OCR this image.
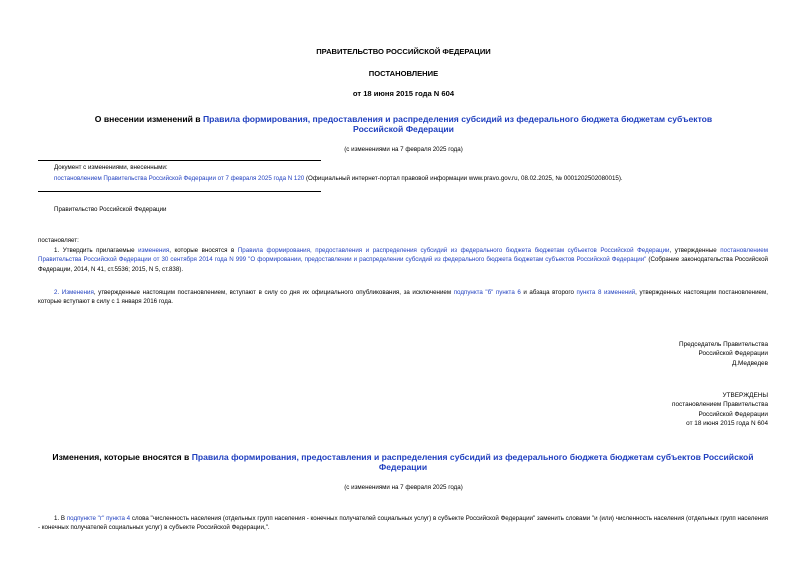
ПРАВИТЕЛЬСТВО РОССИЙСКОЙ ФЕДЕРАЦИИ
ПОСТАНОВЛЕНИЕ
от 18 июня 2015 года N 604
О внесении изменений в Правила формирования, предоставления и распределения субсидий из федерального бюджета бюджетам субъектов Российской Федерации
(с изменениями на 7 февраля 2025 года)
Документ с изменениями, внесенными:
постановлением Правительства Российской Федерации от 7 февраля 2025 года N 120 (Официальный интернет-портал правовой информации www.pravo.gov.ru, 08.02.2025, № 0001202502080015).
Правительство Российской Федерации
постановляет:
1. Утвердить прилагаемые изменения, которые вносятся в Правила формирования, предоставления и распределения субсидий из федерального бюджета бюджетам субъектов Российской Федерации, утвержденные постановлением Правительства Российской Федерации от 30 сентября 2014 года N 999 "О формировании, предоставлении и распределении субсидий из федерального бюджета бюджетам субъектов Российской Федерации" (Собрание законодательства Российской Федерации, 2014, N 41, ст.5536; 2015, N 5, ст.838).
2. Изменения, утвержденные настоящим постановлением, вступают в силу со дня их официального опубликования, за исключением подпункта "б" пункта 6 и абзаца второго пункта 8 изменений, утвержденных настоящим постановлением, которые вступают в силу с 1 января 2016 года.
Председатель Правительства
Российской Федерации
Д.Медведев
УТВЕРЖДЕНЫ
постановлением Правительства
Российской Федерации
от 18 июня 2015 года N 604
Изменения, которые вносятся в Правила формирования, предоставления и распределения субсидий из федерального бюджета бюджетам субъектов Российской Федерации
(с изменениями на 7 февраля 2025 года)
1. В подпункте "г" пункта 4 слова "численность населения (отдельных групп населения - конечных получателей социальных услуг) в субъекте Российской Федерации" заменить словами "и (или) численность населения (отдельных групп населения - конечных получателей социальных услуг) в субъекте Российской Федерации,".
